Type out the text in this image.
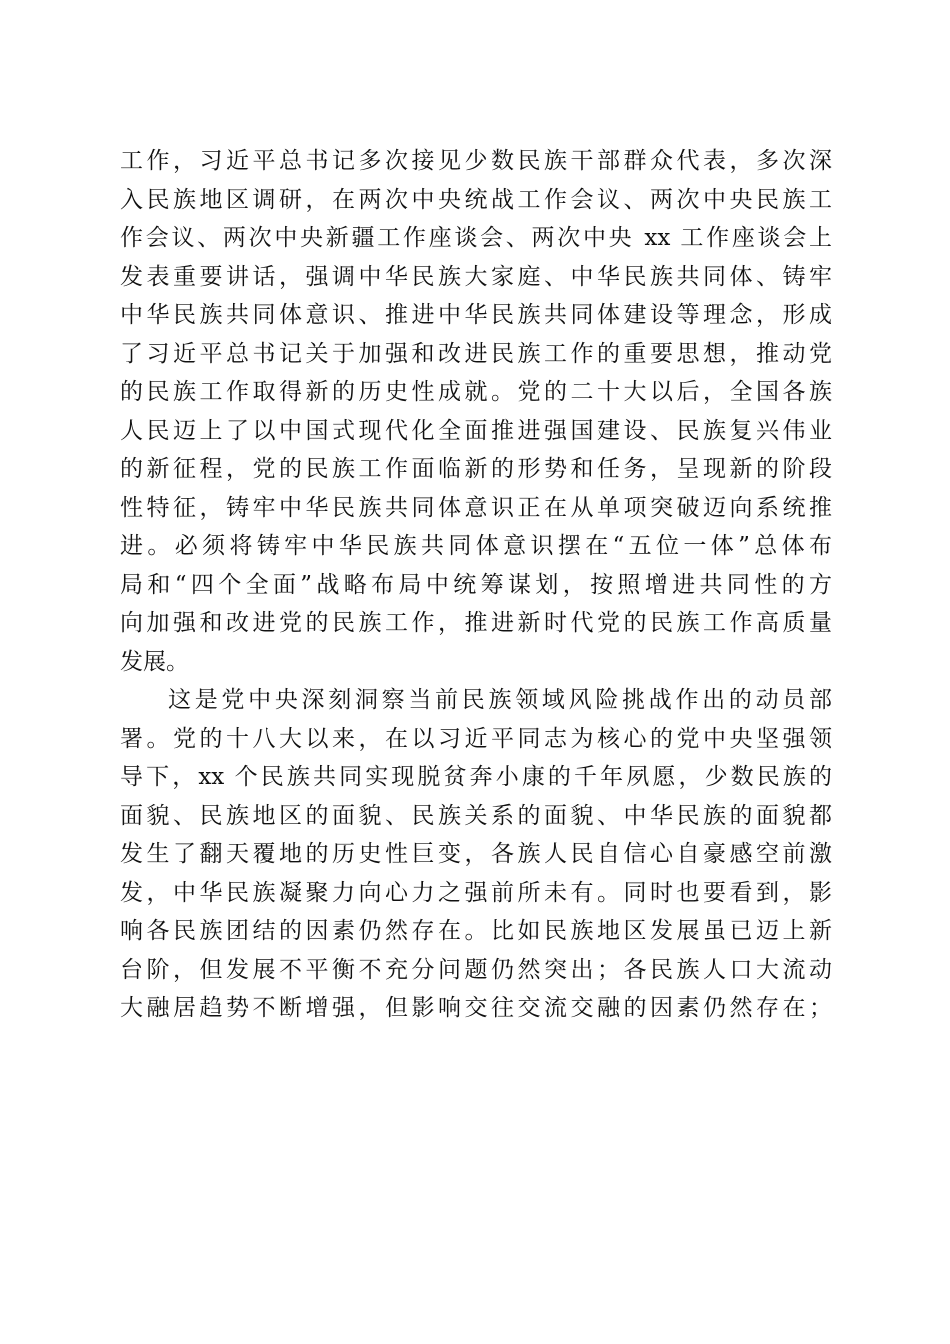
工作，习近平总书记多次接见少数民族干部群众代表，多次深
入民族地区调研，在两次中央统战工作会议、两次中央民族工
作会议、两次中央新疆工作座谈会、两次中央 xx 工作座谈会上
发表重要讲话，强调中华民族大家庭、中华民族共同体、铸牢
中华民族共同体意识、推进中华民族共同体建设等理念，形成
了习近平总书记关于加强和改进民族工作的重要思想，推动党
的民族工作取得新的历史性成就。党的二十大以后，全国各族
人民迈上了以中国式现代化全面推进强国建设、民族复兴伟业
的新征程，党的民族工作面临新的形势和任务，呈现新的阶段
性特征，铸牢中华民族共同体意识正在从单项突破迈向系统推
进。必须将铸牢中华民族共同体意识摆在“五位一体”总体布
局和“四个全面”战略布局中统筹谋划，按照增进共同性的方
向加强和改进党的民族工作，推进新时代党的民族工作高质量
发展。
这是党中央深刻洞察当前民族领域风险挑战作出的动员部
署。党的十八大以来，在以习近平同志为核心的党中央坚强领
导下，xx 个民族共同实现脱贫奔小康的千年夙愿，少数民族的
面貌、民族地区的面貌、民族关系的面貌、中华民族的面貌都
发生了翻天覆地的历史性巨变，各族人民自信心自豪感空前激
发，中华民族凝聚力向心力之强前所未有。同时也要看到，影
响各民族团结的因素仍然存在。比如民族地区发展虽已迈上新
台阶，但发展不平衡不充分问题仍然突出；各民族人口大流动
大融居趋势不断增强，但影响交往交流交融的因素仍然存在；
